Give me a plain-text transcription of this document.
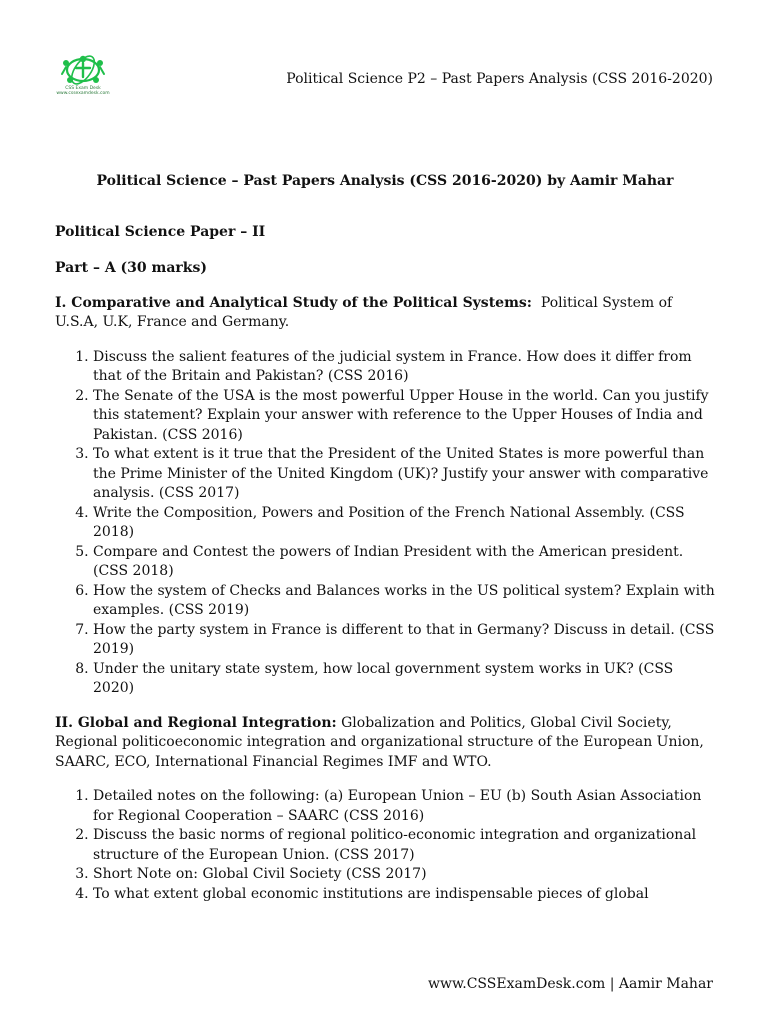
CSS Exam Desk
www.cssexamdesk.com
Political Science P2 – Past Papers Analysis (CSS 2016-2020)
Political Science – Past Papers Analysis (CSS 2016-2020) by Aamir Mahar
Political Science Paper – II
Part – A (30 marks)
I. Comparative and Analytical Study of the Political Systems: Political System of U.S.A, U.K, France and Germany.
1. Discuss the salient features of the judicial system in France. How does it differ from that of the Britain and Pakistan? (CSS 2016)
2. The Senate of the USA is the most powerful Upper House in the world. Can you justify this statement? Explain your answer with reference to the Upper Houses of India and Pakistan. (CSS 2016)
3. To what extent is it true that the President of the United States is more powerful than the Prime Minister of the United Kingdom (UK)? Justify your answer with comparative analysis. (CSS 2017)
4. Write the Composition, Powers and Position of the French National Assembly. (CSS 2018)
5. Compare and Contest the powers of Indian President with the American president. (CSS 2018)
6. How the system of Checks and Balances works in the US political system? Explain with examples. (CSS 2019)
7. How the party system in France is different to that in Germany? Discuss in detail. (CSS 2019)
8. Under the unitary state system, how local government system works in UK? (CSS 2020)
II. Global and Regional Integration: Globalization and Politics, Global Civil Society, Regional politicoeconomic integration and organizational structure of the European Union, SAARC, ECO, International Financial Regimes IMF and WTO.
1. Detailed notes on the following: (a) European Union – EU (b) South Asian Association for Regional Cooperation – SAARC (CSS 2016)
2. Discuss the basic norms of regional politico-economic integration and organizational structure of the European Union. (CSS 2017)
3. Short Note on: Global Civil Society (CSS 2017)
4. To what extent global economic institutions are indispensable pieces of global
www.CSSExamDesk.com | Aamir Mahar
